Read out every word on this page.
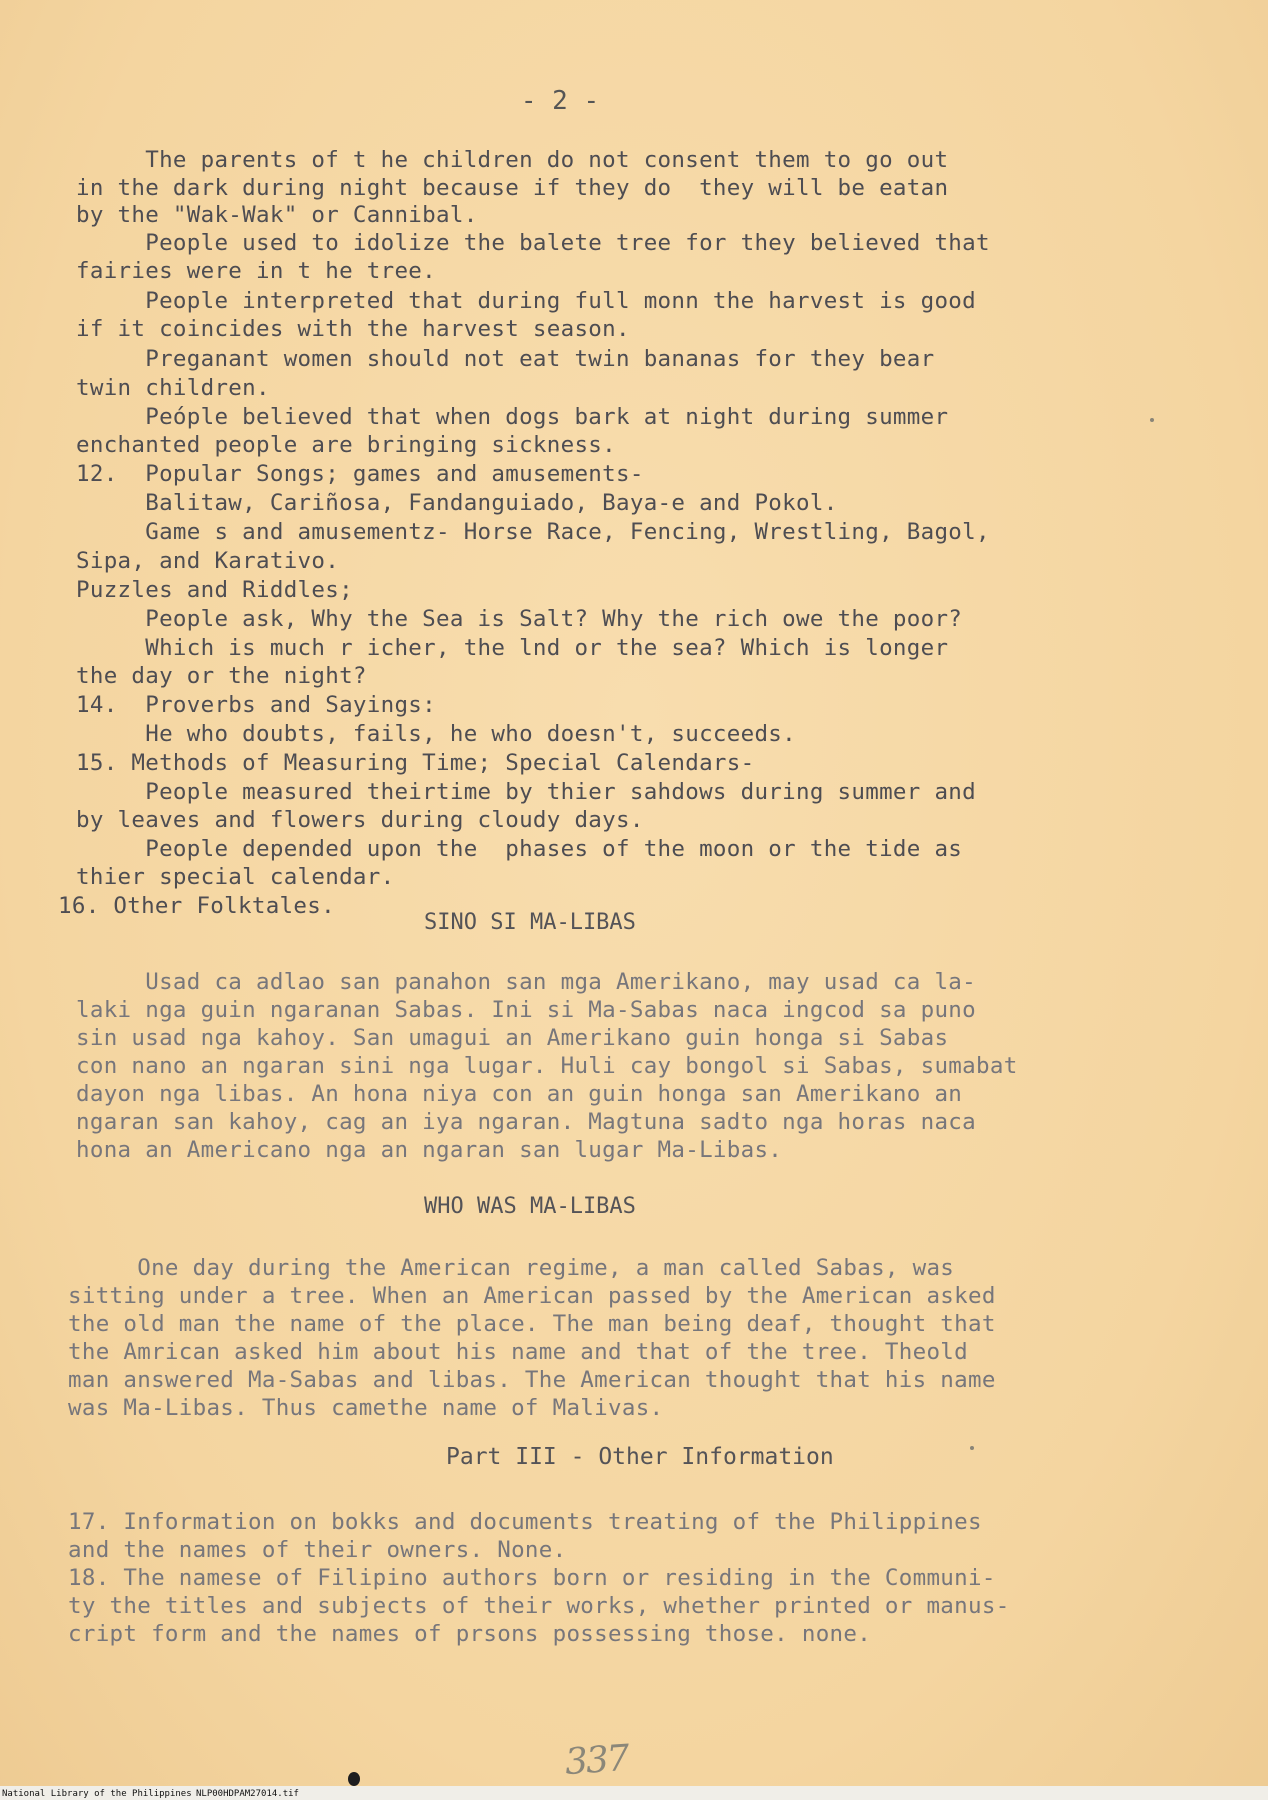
- 2 -
The parents of t he children do not consent them to go out
in the dark during night because if they do  they will be eatan
by the "Wak-Wak" or Cannibal.
People used to idolize the balete tree for they believed that
fairies were in t he tree.
People interpreted that during full monn the harvest is good
if it coincides with the harvest season.
Preganant women should not eat twin bananas for they bear
twin children.
Peóple believed that when dogs bark at night during summer
enchanted people are bringing sickness.
12.  Popular Songs; games and amusements-
Balitaw, Cariñosa, Fandanguiado, Baya-e and Pokol.
Game s and amusementz- Horse Race, Fencing, Wrestling, Bagol,
Sipa, and Karativo.
Puzzles and Riddles;
People ask, Why the Sea is Salt? Why the rich owe the poor?
Which is much r icher, the lnd or the sea? Which is longer
the day or the night?
14.  Proverbs and Sayings:
He who doubts, fails, he who doesn't, succeeds.
15. Methods of Measuring Time; Special Calendars-
People measured theirtime by thier sahdows during summer and
by leaves and flowers during cloudy days.
People depended upon the  phases of the moon or the tide as
thier special calendar.
16. Other Folktales.
SINO SI MA-LIBAS
Usad ca adlao san panahon san mga Amerikano, may usad ca la-
laki nga guin ngaranan Sabas. Ini si Ma-Sabas naca ingcod sa puno
sin usad nga kahoy. San umagui an Amerikano guin honga si Sabas
con nano an ngaran sini nga lugar. Huli cay bongol si Sabas, sumabat
dayon nga libas. An hona niya con an guin honga san Amerikano an
ngaran san kahoy, cag an iya ngaran. Magtuna sadto nga horas naca
hona an Americano nga an ngaran san lugar Ma-Libas.
WHO WAS MA-LIBAS
One day during the American regime, a man called Sabas, was
sitting under a tree. When an American passed by the American asked
the old man the name of the place. The man being deaf, thought that
the Amrican asked him about his name and that of the tree. Theold
man answered Ma-Sabas and libas. The American thought that his name
was Ma-Libas. Thus camethe name of Malivas.
Part III - Other Information
17. Information on bokks and documents treating of the Philippines
and the names of their owners. None.
18. The namese of Filipino authors born or residing in the Communi-
ty the titles and subjects of their works, whether printed or manus-
cript form and the names of prsons possessing those. none.
337
National Library of the Philippines NLP00HDPAM27014.tif
